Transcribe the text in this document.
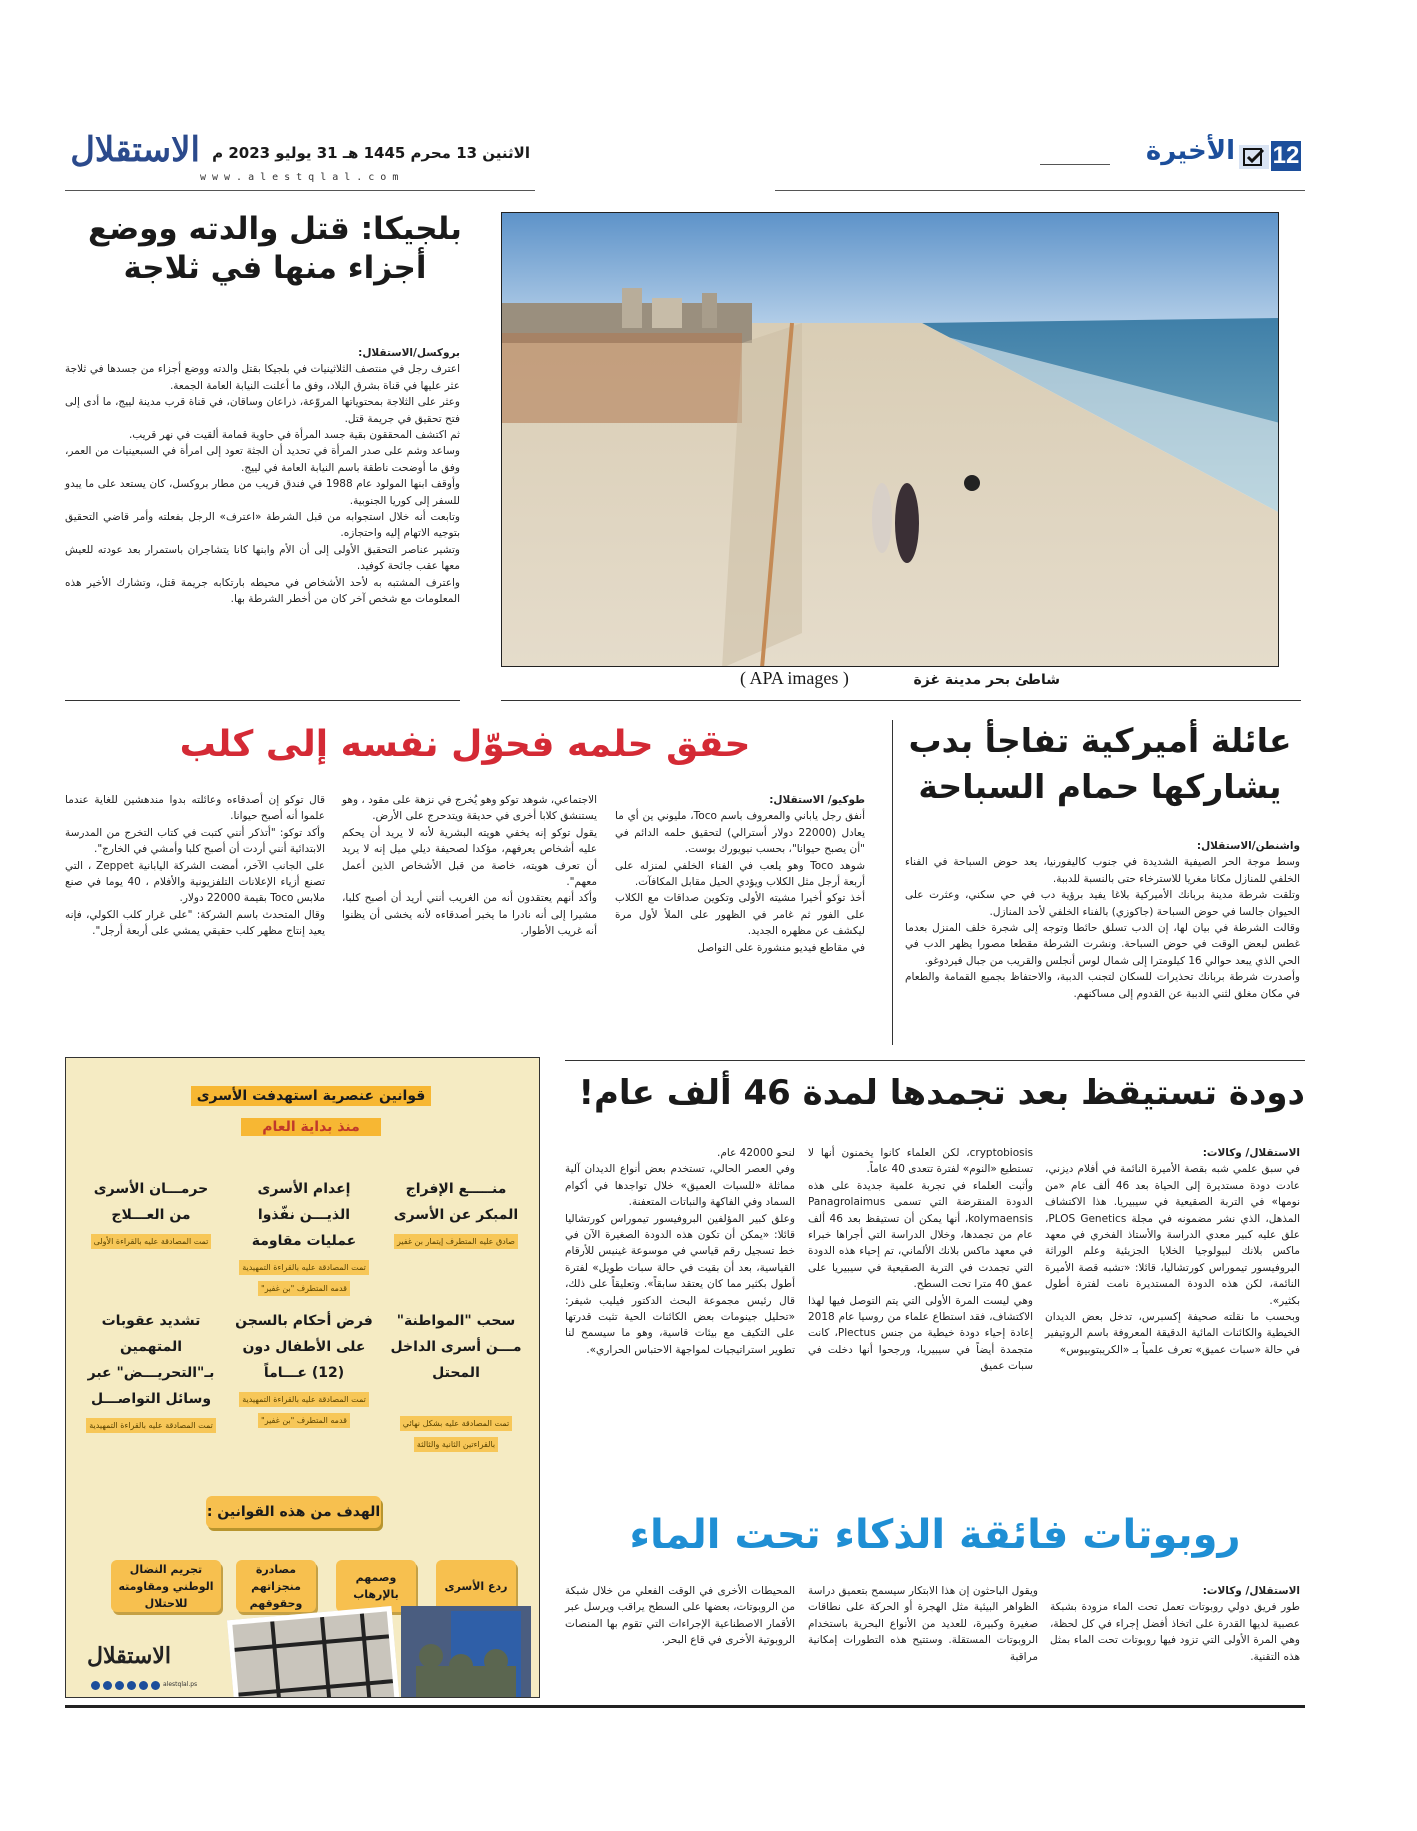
12
الأخيرة
الاستقلال الاثنين 13 محرم 1445 هـ 31 يوليو 2023 م
www.alestqlal.com
بلجيكا: قتل والدته ووضع أجزاء منها في ثلاجة

بروكسل/الاستقلال:

اعترف رجل في منتصف الثلاثينيات في بلجيكا بقتل والدته ووضع أجزاء من جسدها في ثلاجة عثر عليها في قناة بشرق البلاد، وفق ما أعلنت النيابة العامة الجمعة.

وعثر على الثلاجة بمحتوياتها المروّعة، ذراعان وساقان، في قناة قرب مدينة لييج، ما أدى إلى فتح تحقيق في جريمة قتل.

ثم اكتشف المحققون بقية جسد المرأة في حاوية قمامة ألقيت في نهر قريب.

وساعد وشم على صدر المرأة في تحديد أن الجثة تعود إلى امرأة في السبعينيات من العمر، وفق ما أوضحت ناطقة باسم النيابة العامة في لييج.

وأوقف ابنها المولود عام 1988 في فندق قريب من مطار بروكسل، كان يستعد على ما يبدو للسفر إلى كوريا الجنوبية.

وتابعت أنه خلال استجوابه من قبل الشرطة «اعترف» الرجل بفعلته وأمر قاضي التحقيق بتوجيه الاتهام إليه واحتجازه.

وتشير عناصر التحقيق الأولى إلى أن الأم وابنها كانا يتشاجران باستمرار بعد عودته للعيش معها عقب جائحة كوفيد.

واعترف المشتبه به لأحد الأشخاص في محيطه بارتكابه جريمة قتل، وتشارك الأخير هذه المعلومات مع شخص آخر كان من أخطر الشرطة بها.

شاطئ بحر مدينة غزة
( APA images )
عائلة أميركية تفاجأ بدب يشاركها حمام السباحة

واشنطن/الاستقلال:

وسط موجة الحر الصيفية الشديدة في جنوب كاليفورنيا، يعد حوض السباحة في الفناء الخلفي للمنازل مكانا مغريا للاسترخاء حتى بالنسبة للدببة.

وتلقت شرطة مدينة بربانك الأميركية بلاغا يفيد برؤية دب في حي سكني، وعثرت على الحيوان جالسا في حوض السباحة (جاكوزي) بالفناء الخلفي لأحد المنازل.

وقالت الشرطة في بيان لها، إن الدب تسلق حائطا وتوجه إلى شجرة خلف المنزل بعدما غطس لبعض الوقت في حوض السباحة. ونشرت الشرطة مقطعا مصورا يظهر الدب في الحي الذي يبعد حوالي 16 كيلومترا إلى شمال لوس أنجلس والقريب من جبال فيردوغو.

وأصدرت شرطة بربانك تحذيرات للسكان لتجنب الدببة، والاحتفاظ بجميع القمامة والطعام في مكان مغلق لثني الدببة عن القدوم إلى مساكنهم.

حقق حلمه فحوّل نفسه إلى كلب

طوكيو/ الاستقلال:

أنفق رجل ياباني والمعروف باسم Toco، مليوني ين أي ما يعادل (22000 دولار أسترالي) لتحقيق حلمه الدائم في "أن يصبح حيوانا"، بحسب نيويورك بوست.

شوهد Toco وهو يلعب في الفناء الخلفي لمنزله على أربعة أرجل مثل الكلاب ويؤدي الحيل مقابل المكافآت.

أخذ توكو أخيرا مشيته الأولى وتكوين صداقات مع الكلاب على الفور ثم غامر في الظهور على الملأ لأول مرة ليكشف عن مظهره الجديد.

في مقاطع فيديو منشورة على التواصل

الاجتماعي، شوهد توكو وهو يُخرج في نزهة على مقود ، وهو يستنشق كلابا أخرى في حديقة ويتدحرج على الأرض.

يقول توكو إنه يخفي هويته البشرية لأنه لا يريد أن يحكم عليه أشخاص يعرفهم، مؤكدا لصحيفة ديلي ميل إنه لا يريد أن تعرف هويته، خاصة من قبل الأشخاص الذين أعمل معهم".

وأكد أنهم يعتقدون أنه من الغريب أنني أريد أن أصبح كلبا، مشيرا إلى أنه نادرا ما يخبر أصدقاءه لأنه يخشى أن يظنوا أنه غريب الأطوار.

قال توكو إن أصدقاءه وعائلته بدوا مندهشين للغاية عندما علموا أنه أصبح حيوانا.

وأكد توكو: "أتذكر أنني كتبت في كتاب التخرج من المدرسة الابتدائية أنني أردت أن أصبح كلبا وأمشي في الخارج".

على الجانب الآخر، أمضت الشركة اليابانية Zeppet ، التي تصنع أزياء الإعلانات التلفزيونية والأفلام ، 40 يوما في صنع ملابس Toco بقيمة 22000 دولار.

وقال المتحدث باسم الشركة: "على غرار كلب الكولي، فإنه يعيد إنتاج مظهر كلب حقيقي يمشي على أربعة أرجل".

قوانين عنصرية استهدفت الأسرى
منذ بداية العام
منـــــع الإفراج المبكر عن الأسرى
صادق عليه المتطرف إيتمار بن غفير
إعدام الأسرى الذيـــن نفّذوا عمليات مقاومة
تمت المصادقة عليه بالقراءة التمهيدية قدمه المتطرف "بن غفير"
حرمـــان الأسرى من العـــلاج
تمت المصادقة عليه بالقراءة الأولى
سحب "المواطنة" مـــن أسرى الداخل المحتل
تمت المصادقة عليه بشكل نهائي بالقراءتين الثانية والثالثة
فرض أحكام بالسجن على الأطفال دون (12) عـــاماً
تمت المصادقة عليه بالقراءة التمهيدية قدمه المتطرف "بن غفير"
تشديد عقوبات المتهمين بـ"التحريـــض" عبر وسائل التواصـــل
تمت المصادقة عليه بالقراءة التمهيدية
الهدف من هذه القوانين :
ردع الأسرى
وصمهم بالإرهاب
مصادرة منجزاتهم وحقوقهم
تجريم النضال الوطني ومقاومته للاحتلال
الاستقلال
alestqlal.ps
دودة تستيقظ بعد تجمدها لمدة 46 ألف عام!

الاستقلال/ وكالات:

في سبق علمي شبه بقصة الأميرة النائمة في أفلام ديزني، عادت دودة مستديرة إلى الحياة بعد 46 ألف عام «من نومها» في التربة الصقيعية في سيبيريا. هذا الاكتشاف المذهل، الذي نشر مضمونه في مجلة PLOS Genetics، علق عليه كبير معدي الدراسة والأستاذ الفخري في معهد ماكس بلانك لبيولوجيا الخلايا الجزيئية وعلم الوراثة البروفيسور تيموراس كورتشاليا، قائلا: «تشبه قصة الأميرة النائمة، لكن هذه الدودة المستديرة نامت لفترة أطول بكثير».

وبحسب ما نقلته صحيفة إكسبرس، تدخل بعض الديدان الخيطية والكائنات المائية الدقيقة المعروفة باسم الروتيفير في حالة «سبات عميق» تعرف علمياً بـ «الكريبتوبيوس»

cryptobiosis، لكن العلماء كانوا يخمنون أنها لا تستطيع «النوم» لفترة تتعدى 40 عاماً.

وأثبت العلماء في تجربة علمية جديدة على هذه الدودة المنقرضة التي تسمى Panagrolaimus kolymaensis، أنها يمكن أن تستيقظ بعد 46 ألف عام من تجمدها، وخلال الدراسة التي أجراها خبراء في معهد ماكس بلانك الألماني، تم إحياء هذه الدودة التي تجمدت في التربة الصقيعية في سيبيريا على عمق 40 مترا تحت السطح.

وهي ليست المرة الأولى التي يتم التوصل فيها لهذا الاكتشاف، فقد استطاع علماء من روسيا عام 2018 إعادة إحياء دودة خيطية من جنس Plectus، كانت متجمدة أيضاً في سيبيريا، ورجحوا أنها دخلت في سبات عميق

لنحو 42000 عام.

وفي العصر الحالي، تستخدم بعض أنواع الديدان آلية مماثلة «للسبات العميق» خلال تواجدها في أكوام السماد وفي الفاكهة والنباتات المتعفنة.

وعلق كبير المؤلفين البروفيسور تيموراس كورتشاليا قائلا: «يمكن أن تكون هذه الدودة الصغيرة الآن في خط تسجيل رقم قياسي في موسوعة غينيس للأرقام القياسية، بعد أن بقيت في حالة سبات طويل» لفترة أطول بكثير مما كان يعتقد سابقاً». وتعليقاً على ذلك، قال رئيس مجموعة البحث الدكتور فيليب شيفر: «تحليل جينومات بعض الكائنات الحية تثبت قدرتها على التكيف مع بيئات قاسية، وهو ما سيسمح لنا تطوير استراتيجيات لمواجهة الاحتباس الحراري».

روبوتات فائقة الذكاء تحت الماء

الاستقلال/ وكالات:

طور فريق دولي روبوتات تعمل تحت الماء مزودة بشبكة عصبية لديها القدرة على اتخاذ أفضل إجراء في كل لحظة، وهي المرة الأولى التي تزود فيها روبوتات تحت الماء بمثل هذه التقنية.

ويقول الباحثون إن هذا الابتكار سيسمح بتعميق دراسة الظواهر البيئية مثل الهجرة أو الحركة على نطاقات صغيرة وكبيرة، للعديد من الأنواع البحرية باستخدام الروبوتات المستقلة. وستتيح هذه التطورات إمكانية مراقبة

المحيطات الأخرى في الوقت الفعلي من خلال شبكة من الروبوتات، بعضها على السطح يراقب ويرسل عبر الأقمار الاصطناعية الإجراءات التي تقوم بها المنصات الروبوتية الأخرى في قاع البحر.
